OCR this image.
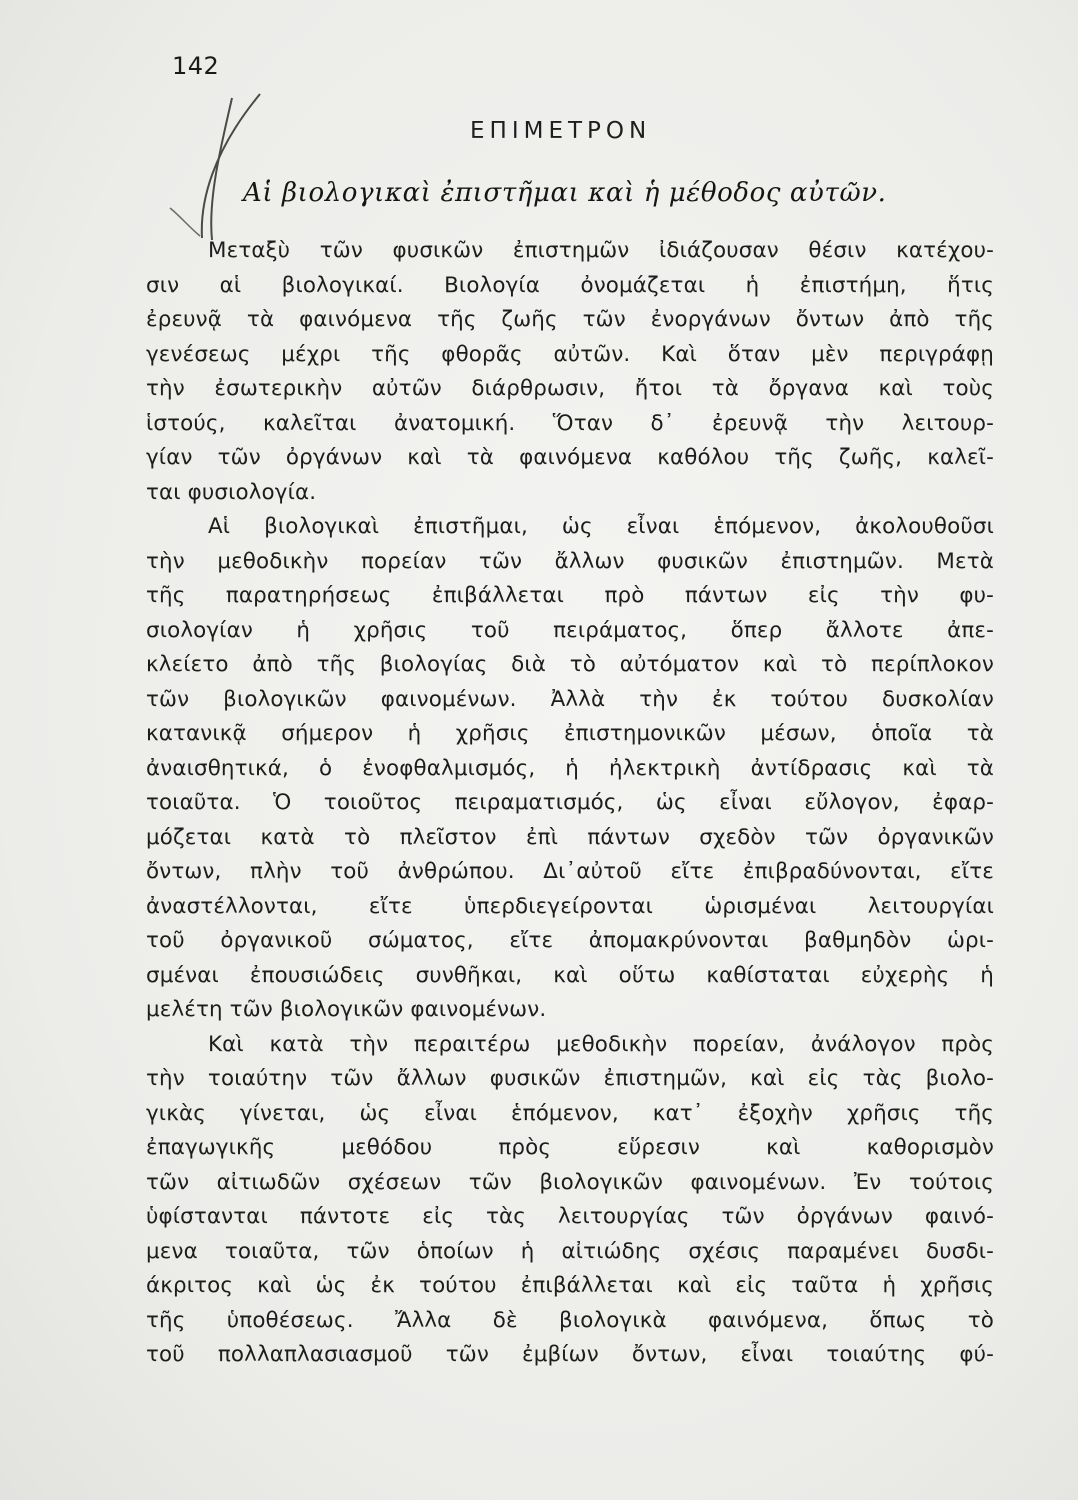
142
ΕΠΙΜΕΤΡΟΝ
Αἱ βιολογικαὶ ἐπιστῆμαι καὶ ἡ μέθοδος αὐτῶν.
Μεταξὺ τῶν φυσικῶν ἐπιστημῶν ἰδιάζουσαν θέσιν κατέχου-
σιν αἱ βιολογικαί. Βιολογία ὀνομάζεται ἡ ἐπιστήμη, ἥτις
ἐρευνᾷ τὰ φαινόμενα τῆς ζωῆς τῶν ἐνοργάνων ὄντων ἀπὸ τῆς
γενέσεως μέχρι τῆς φθορᾶς αὐτῶν. Καὶ ὅταν μὲν περιγράφῃ
τὴν ἐσωτερικὴν αὐτῶν διάρθρωσιν, ἤτοι τὰ ὄργανα καὶ τοὺς
ἱστούς, καλεῖται ἀνατομική. Ὅταν δ᾽ ἐρευνᾷ τὴν λειτουρ-
γίαν τῶν ὀργάνων καὶ τὰ φαινόμενα καθόλου τῆς ζωῆς, καλεῖ-
ται φυσιολογία.
Αἱ βιολογικαὶ ἐπιστῆμαι, ὡς εἶναι ἑπόμενον, ἀκολουθοῦσι
τὴν μεθοδικὴν πορείαν τῶν ἄλλων φυσικῶν ἐπιστημῶν. Μετὰ
τῆς παρατηρήσεως ἐπιβάλλεται πρὸ πάντων εἰς τὴν φυ-
σιολογίαν ἡ χρῆσις τοῦ πειράματος, ὅπερ ἄλλοτε ἀπε-
κλείετο ἀπὸ τῆς βιολογίας διὰ τὸ αὐτόματον καὶ τὸ περίπλοκον
τῶν βιολογικῶν φαινομένων. Ἀλλὰ τὴν ἐκ τούτου δυσκολίαν
κατανικᾷ σήμερον ἡ χρῆσις ἐπιστημονικῶν μέσων, ὁποῖα τὰ
ἀναισθητικά, ὁ ἐνοφθαλμισμός, ἡ ἠλεκτρικὴ ἀντίδρασις καὶ τὰ
τοιαῦτα. Ὁ τοιοῦτος πειραματισμός, ὡς εἶναι εὔλογον, ἐφαρ-
μόζεται κατὰ τὸ πλεῖστον ἐπὶ πάντων σχεδὸν τῶν ὀργανικῶν
ὄντων, πλὴν τοῦ ἀνθρώπου. Δι᾽αὐτοῦ εἴτε ἐπιβραδύνονται, εἴτε
ἀναστέλλονται, εἴτε ὑπερδιεγείρονται ὡρισμέναι λειτουργίαι
τοῦ ὀργανικοῦ σώματος, εἴτε ἀπομακρύνονται βαθμηδὸν ὡρι-
σμέναι ἐπουσιώδεις συνθῆκαι, καὶ οὕτω καθίσταται εὐχερὴς ἡ
μελέτη τῶν βιολογικῶν φαινομένων.
Καὶ κατὰ τὴν περαιτέρω μεθοδικὴν πορείαν, ἀνάλογον πρὸς
τὴν τοιαύτην τῶν ἄλλων φυσικῶν ἐπιστημῶν, καὶ εἰς τὰς βιολο-
γικὰς γίνεται, ὡς εἶναι ἑπόμενον, κατ᾽ ἐξοχὴν χρῆσις τῆς
ἐπαγωγικῆς μεθόδου πρὸς εὕρεσιν καὶ καθορισμὸν
τῶν αἰτιωδῶν σχέσεων τῶν βιολογικῶν φαινομένων. Ἐν τούτοις
ὑφίστανται πάντοτε εἰς τὰς λειτουργίας τῶν ὀργάνων φαινό-
μενα τοιαῦτα, τῶν ὁποίων ἡ αἰτιώδης σχέσις παραμένει δυσδι-
άκριτος καὶ ὡς ἐκ τούτου ἐπιβάλλεται καὶ εἰς ταῦτα ἡ χρῆσις
τῆς ὑποθέσεως. Ἄλλα δὲ βιολογικὰ φαινόμενα, ὅπως τὸ
τοῦ πολλαπλασιασμοῦ τῶν ἐμβίων ὄντων, εἶναι τοιαύτης φύ-
